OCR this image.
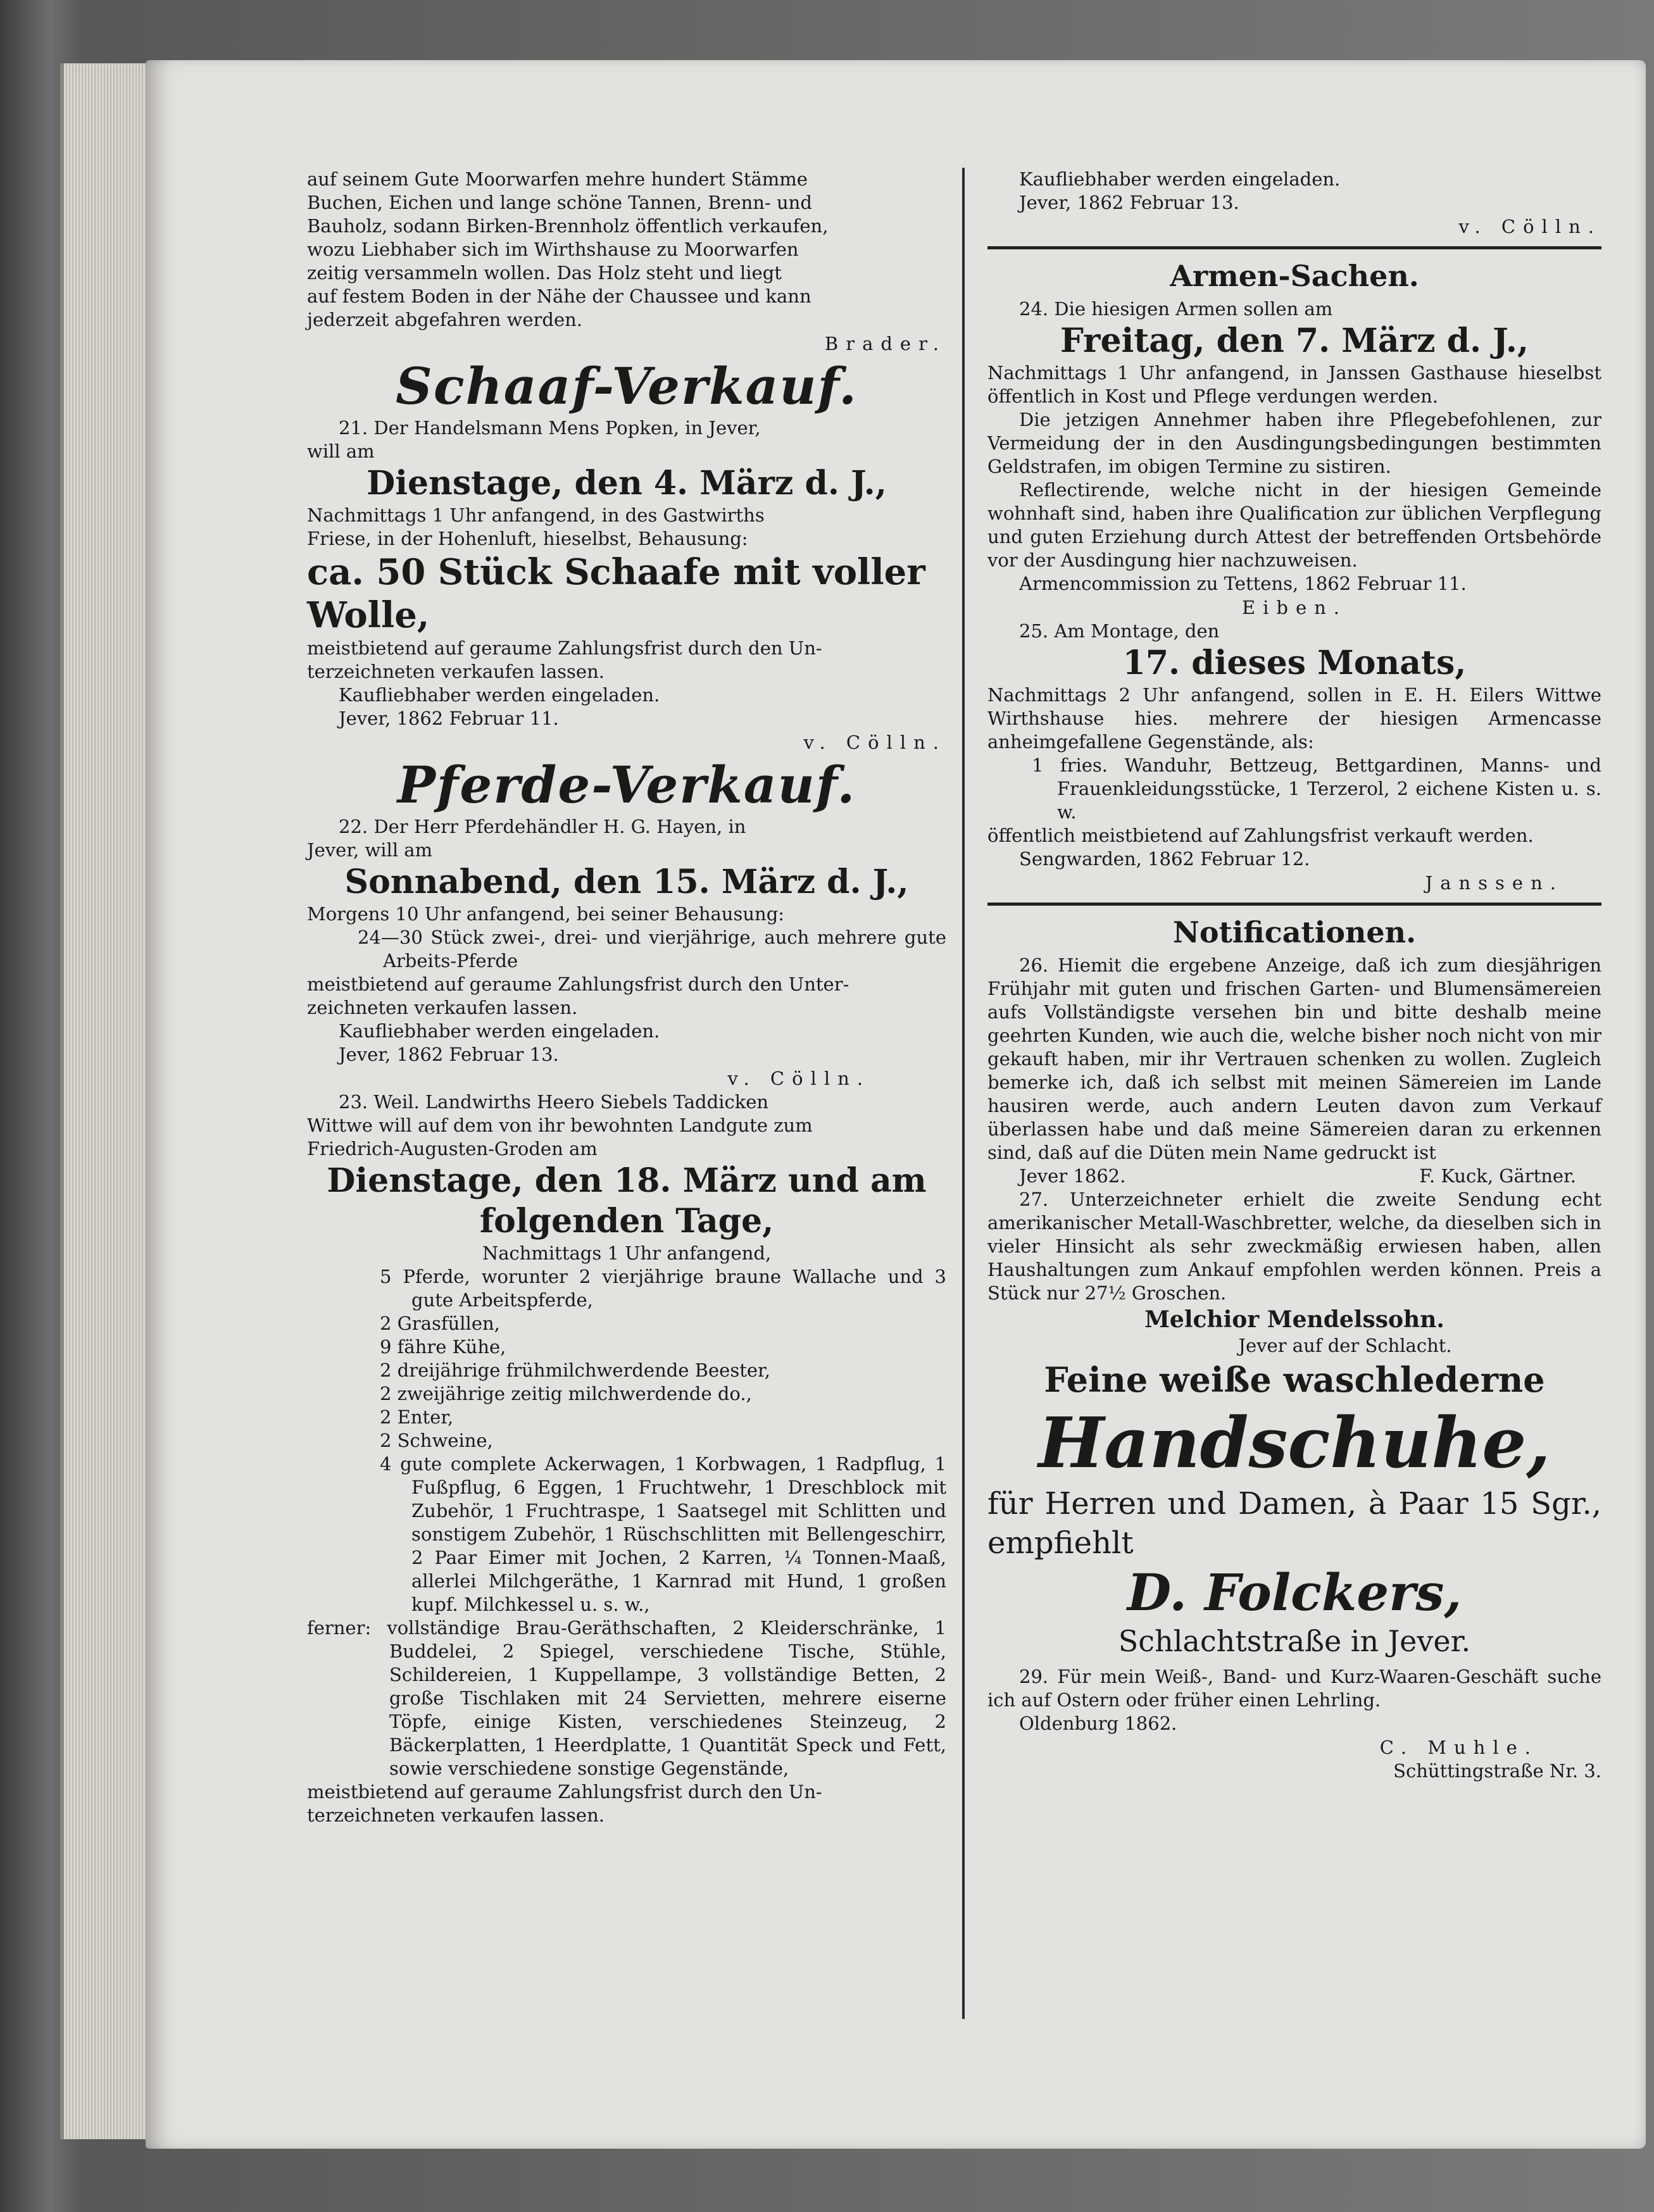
auf seinem Gute Moorwarfen mehre hundert Stämme

Buchen, Eichen und lange schöne Tannen, Brenn- und

Bauholz, sodann Birken-Brennholz öffentlich verkaufen,

wozu Liebhaber sich im Wirthshause zu Moorwarfen

zeitig versammeln wollen. Das Holz steht und liegt

auf festem Boden in der Nähe der Chaussee und kann

jederzeit abgefahren werden.

Brader.

Schaaf-Verkauf.

21. Der Handelsmann Mens Popken, in Jever,

will am

Dienstage, den 4. März d. J.,

Nachmittags 1 Uhr anfangend, in des Gastwirths

Friese, in der Hohenluft, hieselbst, Behausung:

ca. 50 Stück Schaafe mit voller Wolle,

meistbietend auf geraume Zahlungsfrist durch den Un-

terzeichneten verkaufen lassen.

Kaufliebhaber werden eingeladen.

Jever, 1862 Februar 11.

v. Cölln.

Pferde-Verkauf.

22. Der Herr Pferdehändler H. G. Hayen, in

Jever, will am

Sonnabend, den 15. März d. J.,

Morgens 10 Uhr anfangend, bei seiner Behausung:

24—30 Stück zwei-, drei- und vierjährige, auch mehrere gute Arbeits-Pferde

meistbietend auf geraume Zahlungsfrist durch den Unter-

zeichneten verkaufen lassen.

Kaufliebhaber werden eingeladen.

Jever, 1862 Februar 13.

v. Cölln.

23. Weil. Landwirths Heero Siebels Taddicken

Wittwe will auf dem von ihr bewohnten Landgute zum

Friedrich-Augusten-Groden am

Dienstage, den 18. März und am folgenden Tage,

Nachmittags 1 Uhr anfangend,

5 Pferde, worunter 2 vierjährige braune Wallache und 3 gute Arbeitspferde,

2 Grasfüllen,

9 fähre Kühe,

2 dreijährige frühmilchwerdende Beester,

2 zweijährige zeitig milchwerdende do.,

2 Enter,

2 Schweine,

4 gute complete Ackerwagen, 1 Korbwagen, 1 Radpflug, 1 Fußpflug, 6 Eggen, 1 Fruchtwehr, 1 Dreschblock mit Zubehör, 1 Fruchtraspe, 1 Saatsegel mit Schlitten und sonstigem Zubehör, 1 Rüschschlitten mit Bellengeschirr, 2 Paar Eimer mit Jochen, 2 Karren, ¼ Tonnen-Maaß, allerlei Milchgeräthe, 1 Karnrad mit Hund, 1 großen kupf. Milchkessel u. s. w.,

ferner: vollständige Brau-Geräthschaften, 2 Kleiderschränke, 1 Buddelei, 2 Spiegel, verschiedene Tische, Stühle, Schildereien, 1 Kuppellampe, 3 vollständige Betten, 2 große Tischlaken mit 24 Servietten, mehrere eiserne Töpfe, einige Kisten, verschiedenes Steinzeug, 2 Bäckerplatten, 1 Heerdplatte, 1 Quantität Speck und Fett, sowie verschiedene sonstige Gegenstände,

meistbietend auf geraume Zahlungsfrist durch den Un-

terzeichneten verkaufen lassen.

Kaufliebhaber werden eingeladen.

Jever, 1862 Februar 13.

v. Cölln.

Armen-Sachen.

24. Die hiesigen Armen sollen am

Freitag, den 7. März d. J.,

Nachmittags 1 Uhr anfangend, in Janssen Gasthause hieselbst öffentlich in Kost und Pflege verdungen werden.

Die jetzigen Annehmer haben ihre Pflegebefohlenen, zur Vermeidung der in den Ausdingungsbedingungen bestimmten Geldstrafen, im obigen Termine zu sistiren.

Reflectirende, welche nicht in der hiesigen Gemeinde wohnhaft sind, haben ihre Qualification zur üblichen Verpflegung und guten Erziehung durch Attest der betreffenden Ortsbehörde vor der Ausdingung hier nachzuweisen.

Armencommission zu Tettens, 1862 Februar 11.

Eiben.

25. Am Montage, den

17. dieses Monats,

Nachmittags 2 Uhr anfangend, sollen in E. H. Eilers Wittwe Wirthshause hies. mehrere der hiesigen Armencasse anheimgefallene Gegenstände, als:

1 fries. Wanduhr, Bettzeug, Bettgardinen, Manns- und Frauenkleidungsstücke, 1 Terzerol, 2 eichene Kisten u. s. w.

öffentlich meistbietend auf Zahlungsfrist verkauft werden.

Sengwarden, 1862 Februar 12.

Janssen.

Notificationen.

26. Hiemit die ergebene Anzeige, daß ich zum diesjährigen Frühjahr mit guten und frischen Garten- und Blumensämereien aufs Vollständigste versehen bin und bitte deshalb meine geehrten Kunden, wie auch die, welche bisher noch nicht von mir gekauft haben, mir ihr Vertrauen schenken zu wollen. Zugleich bemerke ich, daß ich selbst mit meinen Sämereien im Lande hausiren werde, auch andern Leuten davon zum Verkauf überlassen habe und daß meine Sämereien daran zu erkennen sind, daß auf die Düten mein Name gedruckt ist

Jever 1862.	F. Kuck, Gärtner.

27. Unterzeichneter erhielt die zweite Sendung echt amerikanischer Metall-Waschbretter, welche, da dieselben sich in vieler Hinsicht als sehr zweckmäßig erwiesen haben, allen Haushaltungen zum Ankauf empfohlen werden können. Preis a Stück nur 27½ Groschen.

Melchior Mendelssohn.

Jever auf der Schlacht.

Feine weiße waschlederne
Handschuhe,
für Herren und Damen, à Paar 15 Sgr., empfiehlt
D. Folckers,
Schlachtstraße in Jever.

29. Für mein Weiß-, Band- und Kurz-Waaren-Geschäft suche ich auf Ostern oder früher einen Lehrling.

Oldenburg 1862.

C. Muhle.

Schüttingstraße Nr. 3.
